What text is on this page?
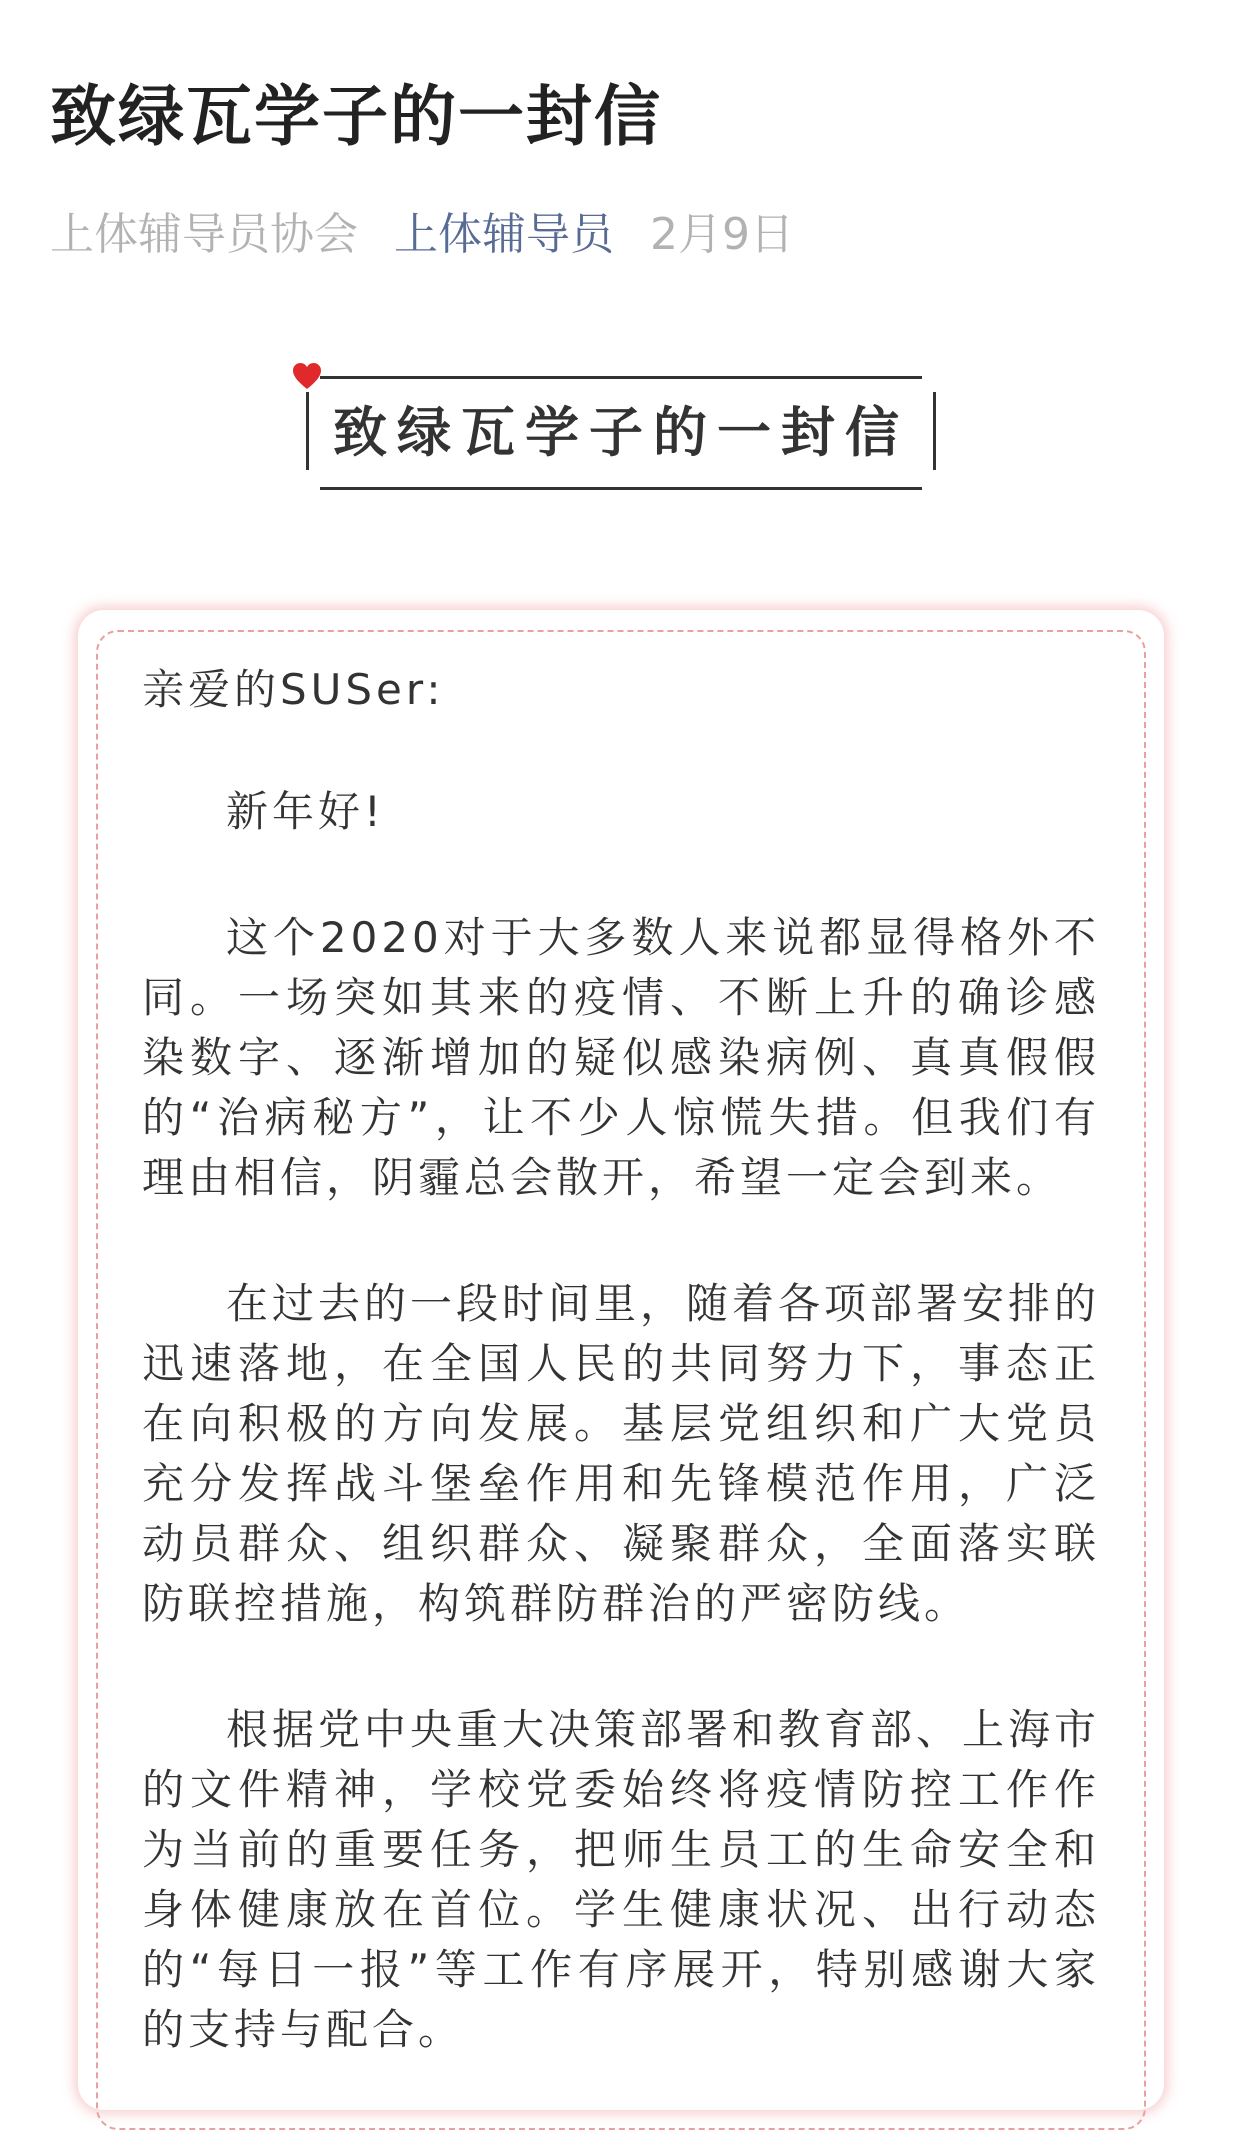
致绿瓦学子的一封信
上体辅导员协会 上体辅导员 2月9日
致绿瓦学子的一封信

亲爱的SUSer:

新年好!

这个2020对于大多数人来说都显得格外不同。一场突如其来的疫情、不断上升的确诊感染数字、逐渐增加的疑似感染病例、真真假假的“治病秘方”，让不少人惊慌失措。但我们有理由相信，阴霾总会散开，希望一定会到来。

在过去的一段时间里，随着各项部署安排的迅速落地，在全国人民的共同努力下，事态正在向积极的方向发展。基层党组织和广大党员充分发挥战斗堡垒作用和先锋模范作用，广泛动员群众、组织群众、凝聚群众，全面落实联防联控措施，构筑群防群治的严密防线。

根据党中央重大决策部署和教育部、上海市的文件精神，学校党委始终将疫情防控工作作为当前的重要任务，把师生员工的生命安全和身体健康放在首位。学生健康状况、出行动态的“每日一报”等工作有序展开，特别感谢大家的支持与配合。
